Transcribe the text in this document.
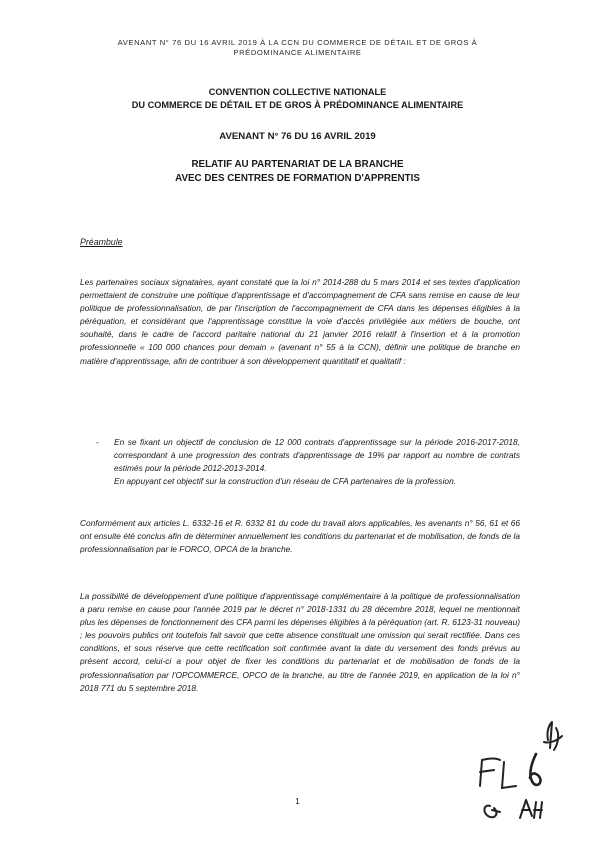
AVENANT N° 76 DU 16 AVRIL 2019 À LA CCN DU COMMERCE DE DÉTAIL ET DE GROS À
PRÉDOMINANCE ALIMENTAIRE
CONVENTION COLLECTIVE NATIONALE
DU COMMERCE DE DÉTAIL ET DE GROS À PRÉDOMINANCE ALIMENTAIRE
AVENANT N° 76 DU 16 AVRIL 2019
RELATIF AU PARTENARIAT DE LA BRANCHE
AVEC DES CENTRES DE FORMATION D'APPRENTIS
Préambule
Les partenaires sociaux signataires, ayant constaté que la loi n° 2014-288 du 5 mars 2014 et ses textes d'application permettaient de construire une politique d'apprentissage et d'accompagnement de CFA sans remise en cause de leur politique de professionnalisation, de par l'inscription de l'accompagnement de CFA dans les dépenses éligibles à la péréquation, et considérant que l'apprentissage constitue la voie d'accès privilégiée aux métiers de bouche, ont souhaité, dans le cadre de l'accord paritaire national du 21 janvier 2016 relatif à l'insertion et à la promotion professionnelle « 100 000 chances pour demain » (avenant n° 55 à la CCN), définir une politique de branche en matière d'apprentissage, afin de contribuer à son développement quantitatif et qualitatif :
-	En se fixant un objectif de conclusion de 12 000 contrats d'apprentissage sur la période 2016-2017-2018, correspondant à une progression des contrats d'apprentissage de 19% par rapport au nombre de contrats estimés pour la période 2012-2013-2014.
En appuyant cet objectif sur la construction d'un réseau de CFA partenaires de la profession.
Conformément aux articles L. 6332-16 et R. 6332 81 du code du travail alors applicables, les avenants n° 56, 61 et 66 ont ensuite été conclus afin de déterminer annuellement les conditions du partenariat et de mobilisation, de fonds de la professionnalisation par le FORCO, OPCA de la branche.
La possibilité de développement d'une politique d'apprentissage complémentaire à la politique de professionnalisation a paru remise en cause pour l'année 2019 par le décret n° 2018-1331 du 28 décembre 2018, lequel ne mentionnait plus les dépenses de fonctionnement des CFA parmi les dépenses éligibles à la péréquation (art. R. 6123-31 nouveau) ; les pouvoirs publics ont toutefois fait savoir que cette absence constituait une omission qui serait rectifiée. Dans ces conditions, et sous réserve que cette rectification soit confirmée avant la date du versement des fonds prévus au présent accord, celui-ci a pour objet de fixer les conditions du partenariat et de mobilisation de fonds de la professionnalisation par l'OPCOMMERCE, OPCO de la branche, au titre de l'année 2019, en application de la loi n° 2018 771 du 5 septembre 2018.
1
